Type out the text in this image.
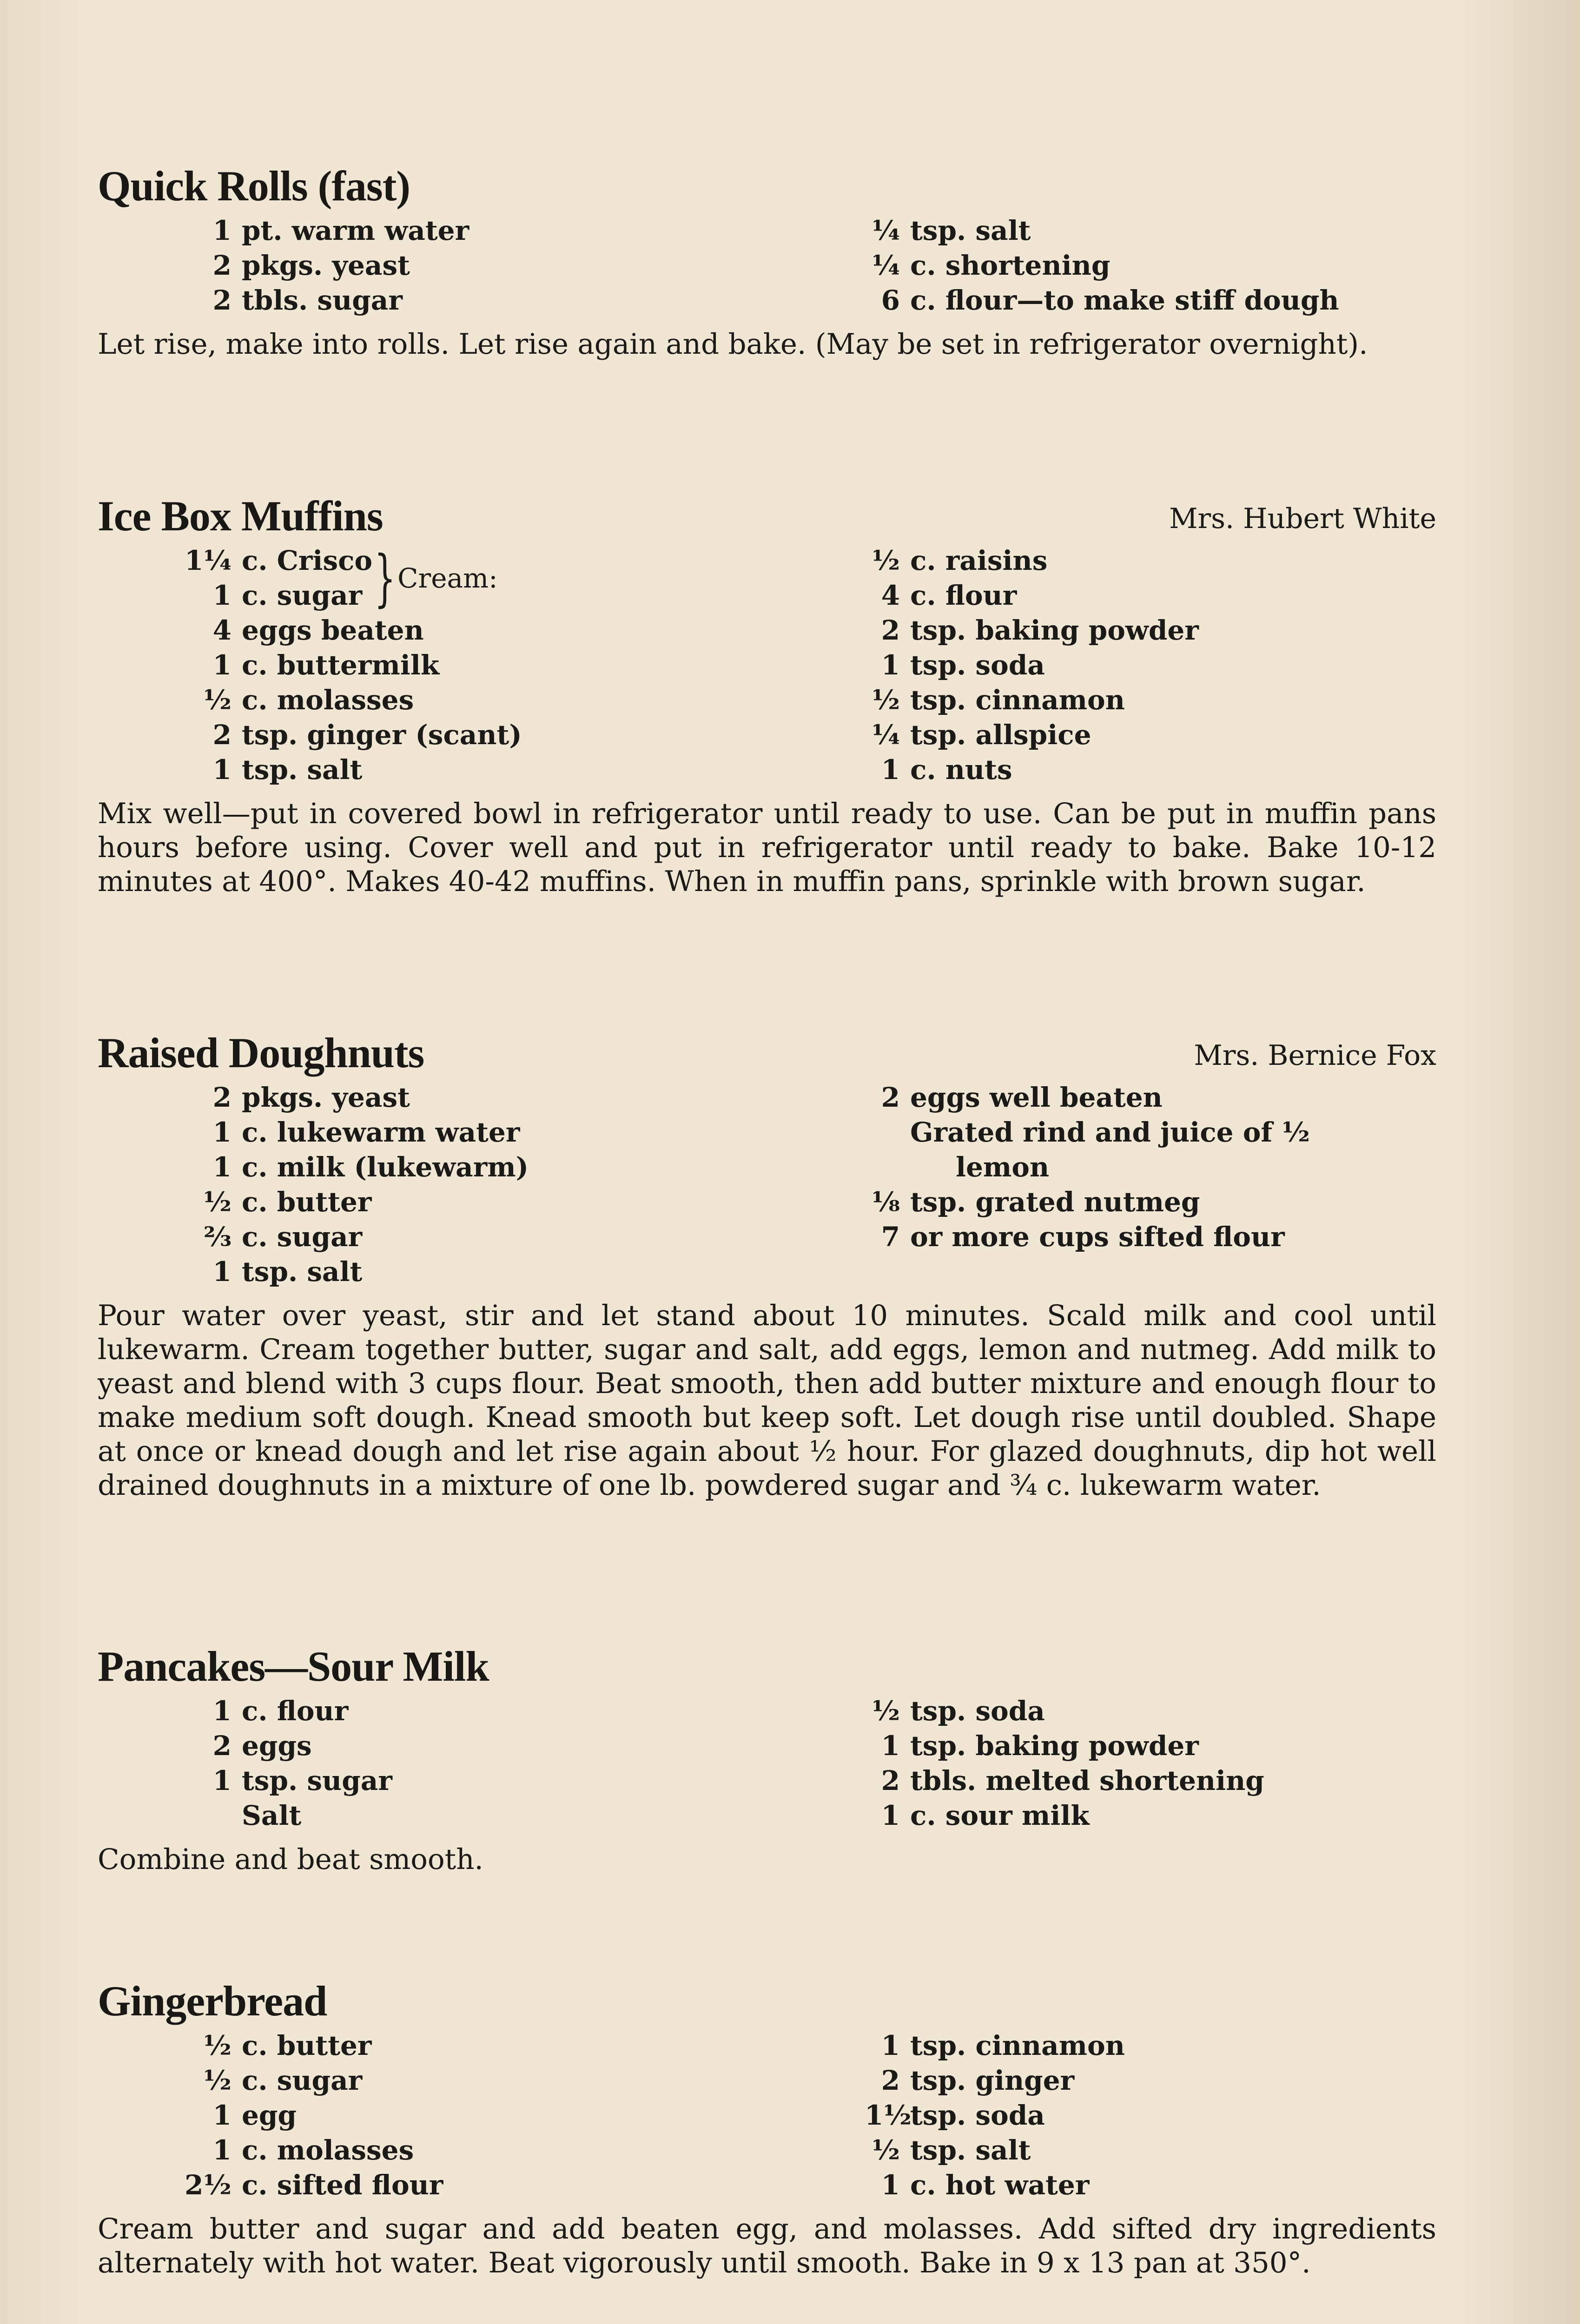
Quick Rolls (fast)
1 pt. warm water
2 pkgs. yeast
2 tbls. sugar
¼ tsp. salt
¼ c. shortening
6 c. flour—to make stiff dough

Let rise, make into rolls. Let rise again and bake. (May be set in refrigerator overnight).

Ice Box Muffins	Mrs. Hubert White
1¼ c. Crisco
1 c. sugar } Cream:
4 eggs beaten
1 c. buttermilk
½ c. molasses
2 tsp. ginger (scant)
1 tsp. salt
½ c. raisins
4 c. flour
2 tsp. baking powder
1 tsp. soda
½ tsp. cinnamon
¼ tsp. allspice
1 c. nuts

Mix well—put in covered bowl in refrigerator until ready to use. Can be put in muffin pans hours before using. Cover well and put in refrigerator until ready to bake. Bake 10-12 minutes at 400°. Makes 40-42 muffins. When in muffin pans, sprinkle with brown sugar.

Raised Doughnuts	Mrs. Bernice Fox
2 pkgs. yeast
1 c. lukewarm water
1 c. milk (lukewarm)
½ c. butter
⅔ c. sugar
1 tsp. salt
2 eggs well beaten
Grated rind and juice of ½
lemon
⅛ tsp. grated nutmeg
7 or more cups sifted flour

Pour water over yeast, stir and let stand about 10 minutes. Scald milk and cool until lukewarm. Cream together butter, sugar and salt, add eggs, lemon and nutmeg. Add milk to yeast and blend with 3 cups flour. Beat smooth, then add butter mixture and enough flour to make medium soft dough. Knead smooth but keep soft. Let dough rise until doubled. Shape at once or knead dough and let rise again about ½ hour. For glazed doughnuts, dip hot well drained doughnuts in a mixture of one lb. powdered sugar and ¾ c. lukewarm water.

Pancakes—Sour Milk
1 c. flour
2 eggs
1 tsp. sugar
Salt
½ tsp. soda
1 tsp. baking powder
2 tbls. melted shortening
1 c. sour milk

Combine and beat smooth.

Gingerbread
½ c. butter
½ c. sugar
1 egg
1 c. molasses
2½ c. sifted flour
1 tsp. cinnamon
2 tsp. ginger
1½
tsp. soda
½ tsp. salt
1 c. hot water

Cream butter and sugar and add beaten egg, and molasses. Add sifted dry ingredients alternately with hot water. Beat vigorously until smooth. Bake in 9 x 13 pan at 350°.
